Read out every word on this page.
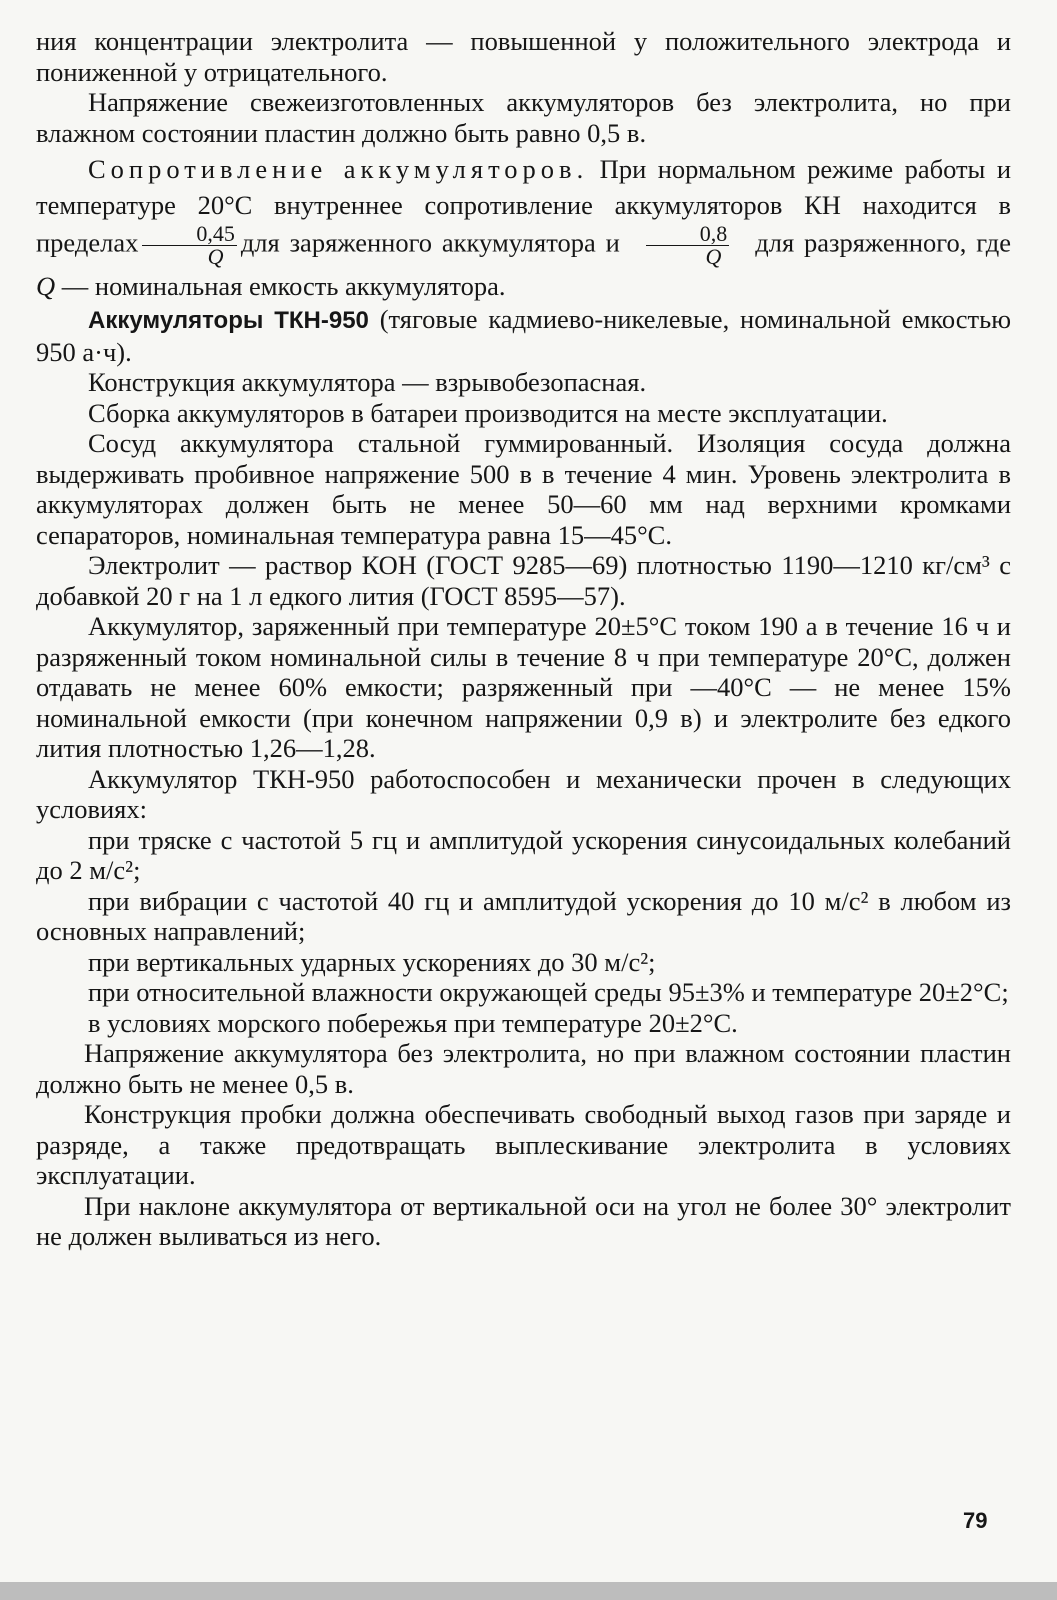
ния концентрации электролита — повышенной у положительного электрода и пониженной у отрицательного.

Напряжение свежеизготовленных аккумуляторов без электролита, но при влажном состоянии пластин должно быть равно 0,5 в.

Сопротивление аккумуляторов. При нормальном режиме работы и температуре 20°С внутреннее сопротивление аккумуляторов КН находится в пределах $\frac{0,45}{Q}$ для заряженного аккумулятора и $\frac{0,8}{Q}$ для разряженного, где Q — номинальная емкость аккумулятора.

Аккумуляторы ТКН-950 (тяговые кадмиево-никелевые, номинальной емкостью 950 а·ч).

Конструкция аккумулятора — взрывобезопасная.

Сборка аккумуляторов в батареи производится на месте эксплуатации.

Сосуд аккумулятора стальной гуммированный. Изоляция сосуда должна выдерживать пробивное напряжение 500 в в течение 4 мин. Уровень электролита в аккумуляторах должен быть не менее 50—60 мм над верхними кромками сепараторов, номинальная температура равна 15—45°С.

Электролит — раствор КОН (ГОСТ 9285—69) плотностью 1190—1210 кг/см³ с добавкой 20 г на 1 л едкого лития (ГОСТ 8595—57).

Аккумулятор, заряженный при температуре 20±5°С током 190 а в течение 16 ч и разряженный током номинальной силы в течение 8 ч при температуре 20°С, должен отдавать не менее 60% емкости; разряженный при —40°С — не менее 15% номинальной емкости (при конечном напряжении 0,9 в) и электролите без едкого лития плотностью 1,26—1,28.

Аккумулятор ТКН-950 работоспособен и механически прочен в следующих условиях:

при тряске с частотой 5 гц и амплитудой ускорения синусоидальных колебаний до 2 м/с²;

при вибрации с частотой 40 гц и амплитудой ускорения до 10 м/с² в любом из основных направлений;

при вертикальных ударных ускорениях до 30 м/с²;

при относительной влажности окружающей среды 95±3% и температуре 20±2°С;

в условиях морского побережья при температуре 20±2°С.

Напряжение аккумулятора без электролита, но при влажном состоянии пластин должно быть не менее 0,5 в.

Конструкция пробки должна обеспечивать свободный выход газов при заряде и разряде, а также предотвращать выплескивание электролита в условиях эксплуатации.

При наклоне аккумулятора от вертикальной оси на угол не более 30° электролит не должен выливаться из него.

79
